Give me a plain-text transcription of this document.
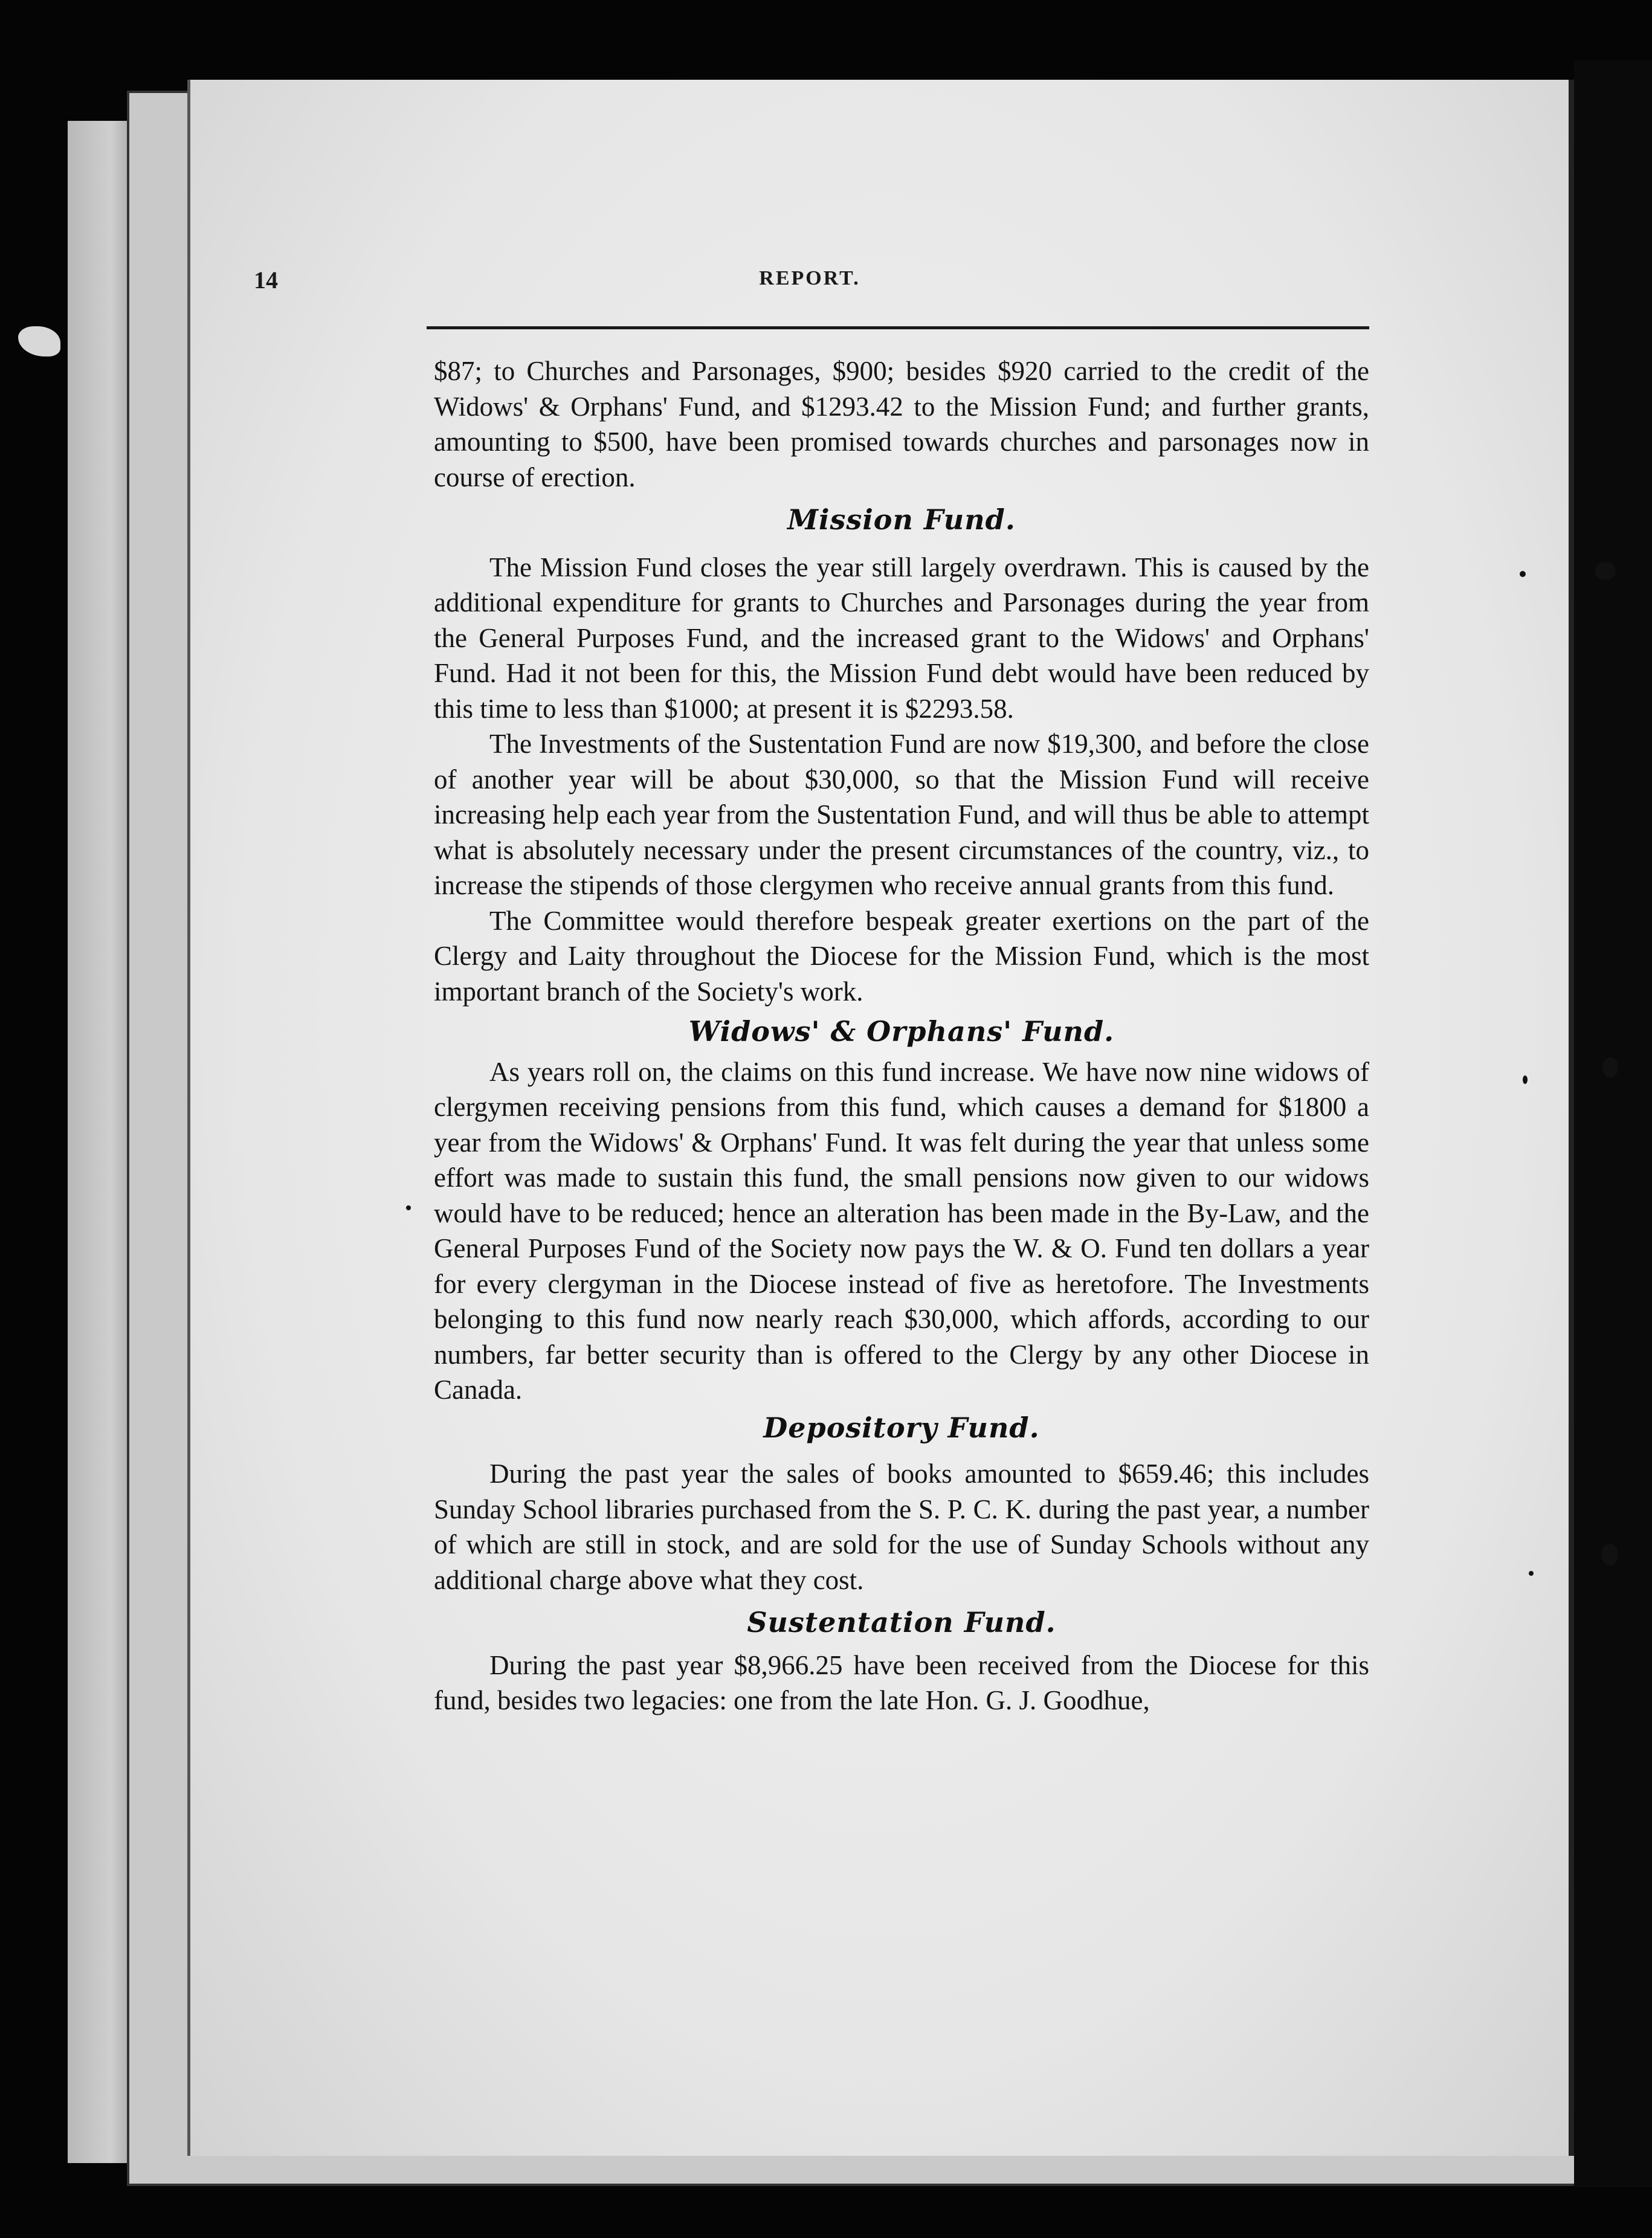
14	REPORT.

$87; to Churches and Parsonages, $900; besides $920 carried to the credit of the Widows' & Orphans' Fund, and $1293.42 to the Mission Fund; and further grants, amounting to $500, have been promised towards churches and parsonages now in course of erection.

Mission Fund.

The Mission Fund closes the year still largely overdrawn. This is caused by the additional expenditure for grants to Churches and Parsonages during the year from the General Purposes Fund, and the increased grant to the Widows' and Orphans' Fund. Had it not been for this, the Mission Fund debt would have been reduced by this time to less than $1000; at present it is $2293.58.

The Investments of the Sustentation Fund are now $19,300, and before the close of another year will be about $30,000, so that the Mission Fund will receive increasing help each year from the Sustentation Fund, and will thus be able to attempt what is absolutely necessary under the present circumstances of the country, viz., to increase the stipends of those clergymen who receive annual grants from this fund.

The Committee would therefore bespeak greater exertions on the part of the Clergy and Laity throughout the Diocese for the Mission Fund, which is the most important branch of the Society's work.

Widows' & Orphans' Fund.

As years roll on, the claims on this fund increase. We have now nine widows of clergymen receiving pensions from this fund, which causes a demand for $1800 a year from the Widows' & Orphans' Fund. It was felt during the year that unless some effort was made to sustain this fund, the small pensions now given to our widows would have to be reduced; hence an alteration has been made in the By-Law, and the General Purposes Fund of the Society now pays the W. & O. Fund ten dollars a year for every clergyman in the Diocese instead of five as heretofore. The Investments belonging to this fund now nearly reach $30,000, which affords, according to our numbers, far better security than is offered to the Clergy by any other Diocese in Canada.

Depository Fund.

During the past year the sales of books amounted to $659.46; this includes Sunday School libraries purchased from the S. P. C. K. during the past year, a number of which are still in stock, and are sold for the use of Sunday Schools without any additional charge above what they cost.

Sustentation Fund.

During the past year $8,966.25 have been received from the Diocese for this fund, besides two legacies: one from the late Hon. G. J. Goodhue,
